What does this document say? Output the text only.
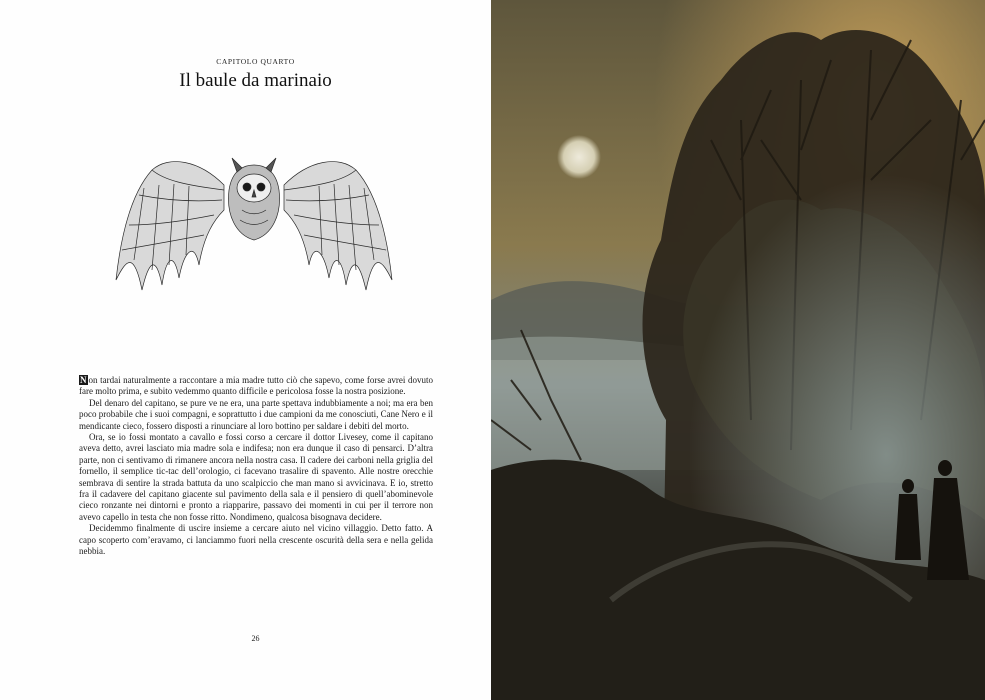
CAPITOLO QUARTO
Il baule da marinaio

N on tardai naturalmente a raccontare a mia madre tutto ciò che sapevo, come forse avrei dovuto fare molto prima, e subito vedemmo quanto difficile e pericolosa fosse la nostra posizione.

Del denaro del capitano, se pure ve ne era, una parte spettava indubbiamente a noi; ma era ben poco probabile che i suoi compagni, e soprattutto i due campioni da me conosciuti, Cane Nero e il mendicante cieco, fossero disposti a rinunciare al loro bottino per saldare i debiti del morto.

Ora, se io fossi montato a cavallo e fossi corso a cercare il dottor Livesey, come il capitano aveva detto, avrei lasciato mia madre sola e indifesa; non era dunque il caso di pensarci. D’altra parte, non ci sentivamo di rimanere ancora nella nostra casa. Il cadere dei carboni nella griglia del fornello, il semplice tic-tac dell’orologio, ci facevano trasalire di spavento. Alle nostre orecchie sembrava di sentire la strada battuta da uno scalpiccio che man mano si avvicinava. E io, stretto fra il cadavere del capitano giacente sul pavimento della sala e il pensiero di quell’abominevole cieco ronzante nei dintorni e pronto a riapparire, passavo dei momenti in cui per il terrore non avevo capello in testa che non fosse ritto. Nondimeno, qualcosa bisognava decidere.

Decidemmo finalmente di uscire insieme a cercare aiuto nel vicino villaggio. Detto fatto. A capo scoperto com’eravamo, ci lanciammo fuori nella crescente oscurità della sera e nella gelida nebbia.

26
